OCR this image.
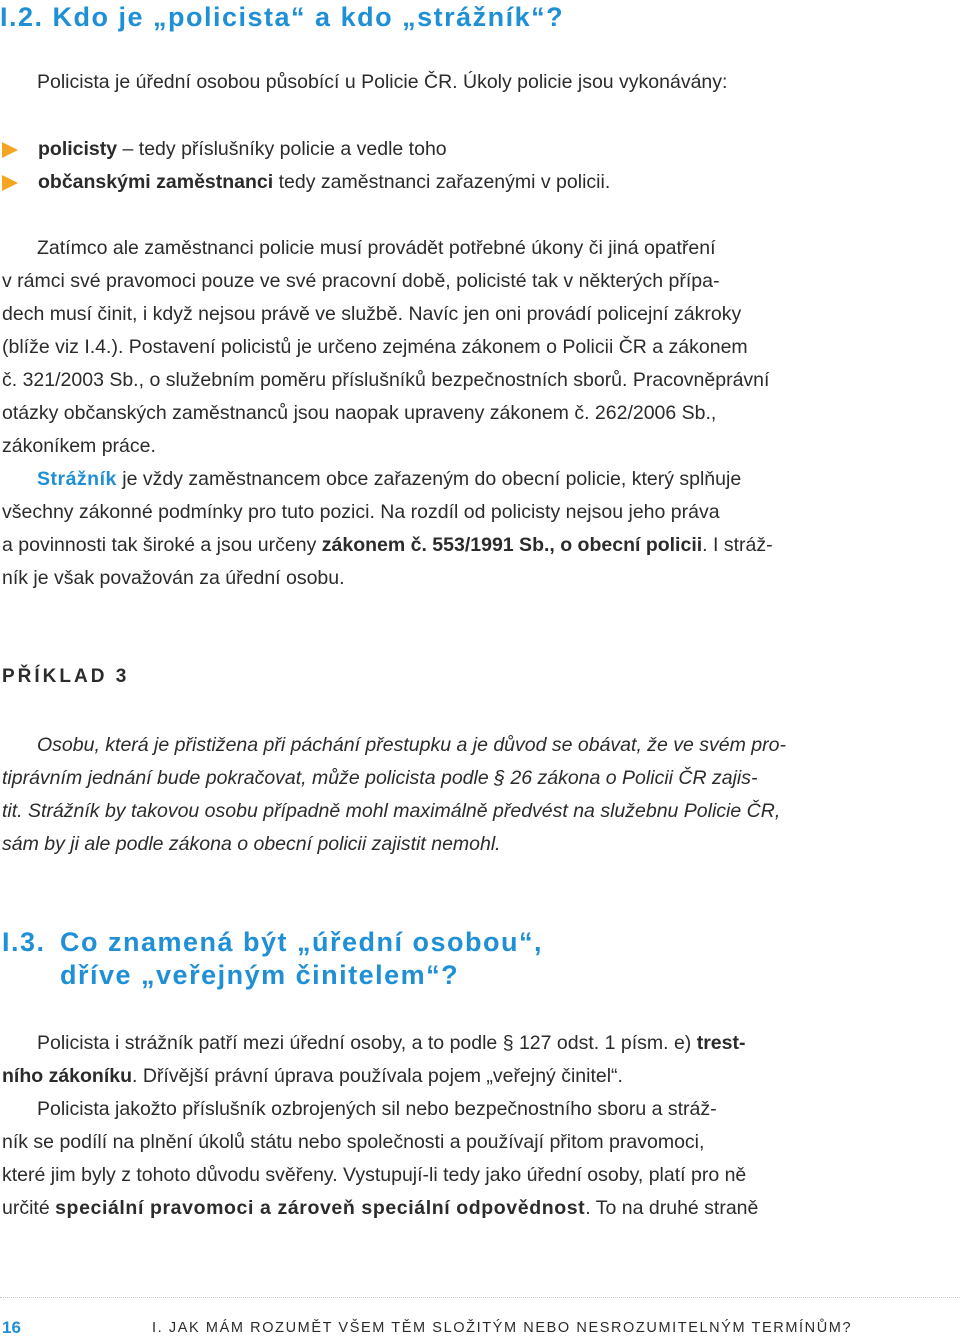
I.2. Kdo je „policista“ a kdo „strážník“?

Policista je úřední osobou působící u Policie ČR. Úkoly policie jsou vykonávány:

policisty – tedy příslušníky policie a vedle toho
občanskými zaměstnanci tedy zaměstnanci zařazenými v policii.
Zatímco ale zaměstnanci policie musí provádět potřebné úkony či jiná opatření
v rámci své pravomoci pouze ve své pracovní době, policisté tak v některých přípa-
dech musí činit, i když nejsou právě ve službě. Navíc jen oni provádí policejní zákroky
(blíže viz I.4.). Postavení policistů je určeno zejména zákonem o Policii ČR a zákonem
č. 321/2003 Sb., o služebním poměru příslušníků bezpečnostních sborů. Pracovněprávní
otázky občanských zaměstnanců jsou naopak upraveny zákonem č. 262/2006 Sb.,
zákoníkem práce.
Strážník je vždy zaměstnancem obce zařazeným do obecní policie, který splňuje
všechny zákonné podmínky pro tuto pozici. Na rozdíl od policisty nejsou jeho práva
a povinnosti tak široké a jsou určeny zákonem č. 553/1991 Sb., o obecní policii. I stráž-
ník je však považován za úřední osobu.
PŘÍKLAD 3
Osobu, která je přistižena při páchání přestupku a je důvod se obávat, že ve svém pro-
tiprávním jednání bude pokračovat, může policista podle § 26 zákona o Policii ČR zajis-
tit. Strážník by takovou osobu případně mohl maximálně předvést na služebnu Policie ČR,
sám by ji ale podle zákona o obecní policii zajistit nemohl.
I.3. Co znamená být „úřední osobou“,
dříve „veřejným činitelem“?
Policista i strážník patří mezi úřední osoby, a to podle § 127 odst. 1 písm. e) trest-
ního zákoníku. Dřívější právní úprava používala pojem „veřejný činitel“.
Policista jakožto příslušník ozbrojených sil nebo bezpečnostního sboru a stráž-
ník se podílí na plnění úkolů státu nebo společnosti a používají přitom pravomoci,
které jim byly z tohoto důvodu svěřeny. Vystupují-li tedy jako úřední osoby, platí pro ně
určité speciální pravomoci a zároveň speciální odpovědnost. To na druhé straně
16	I. JAK MÁM ROZUMĚT VŠEM TĚM SLOŽITÝM NEBO NESROZUMITELNÝM TERMÍNŮM?
